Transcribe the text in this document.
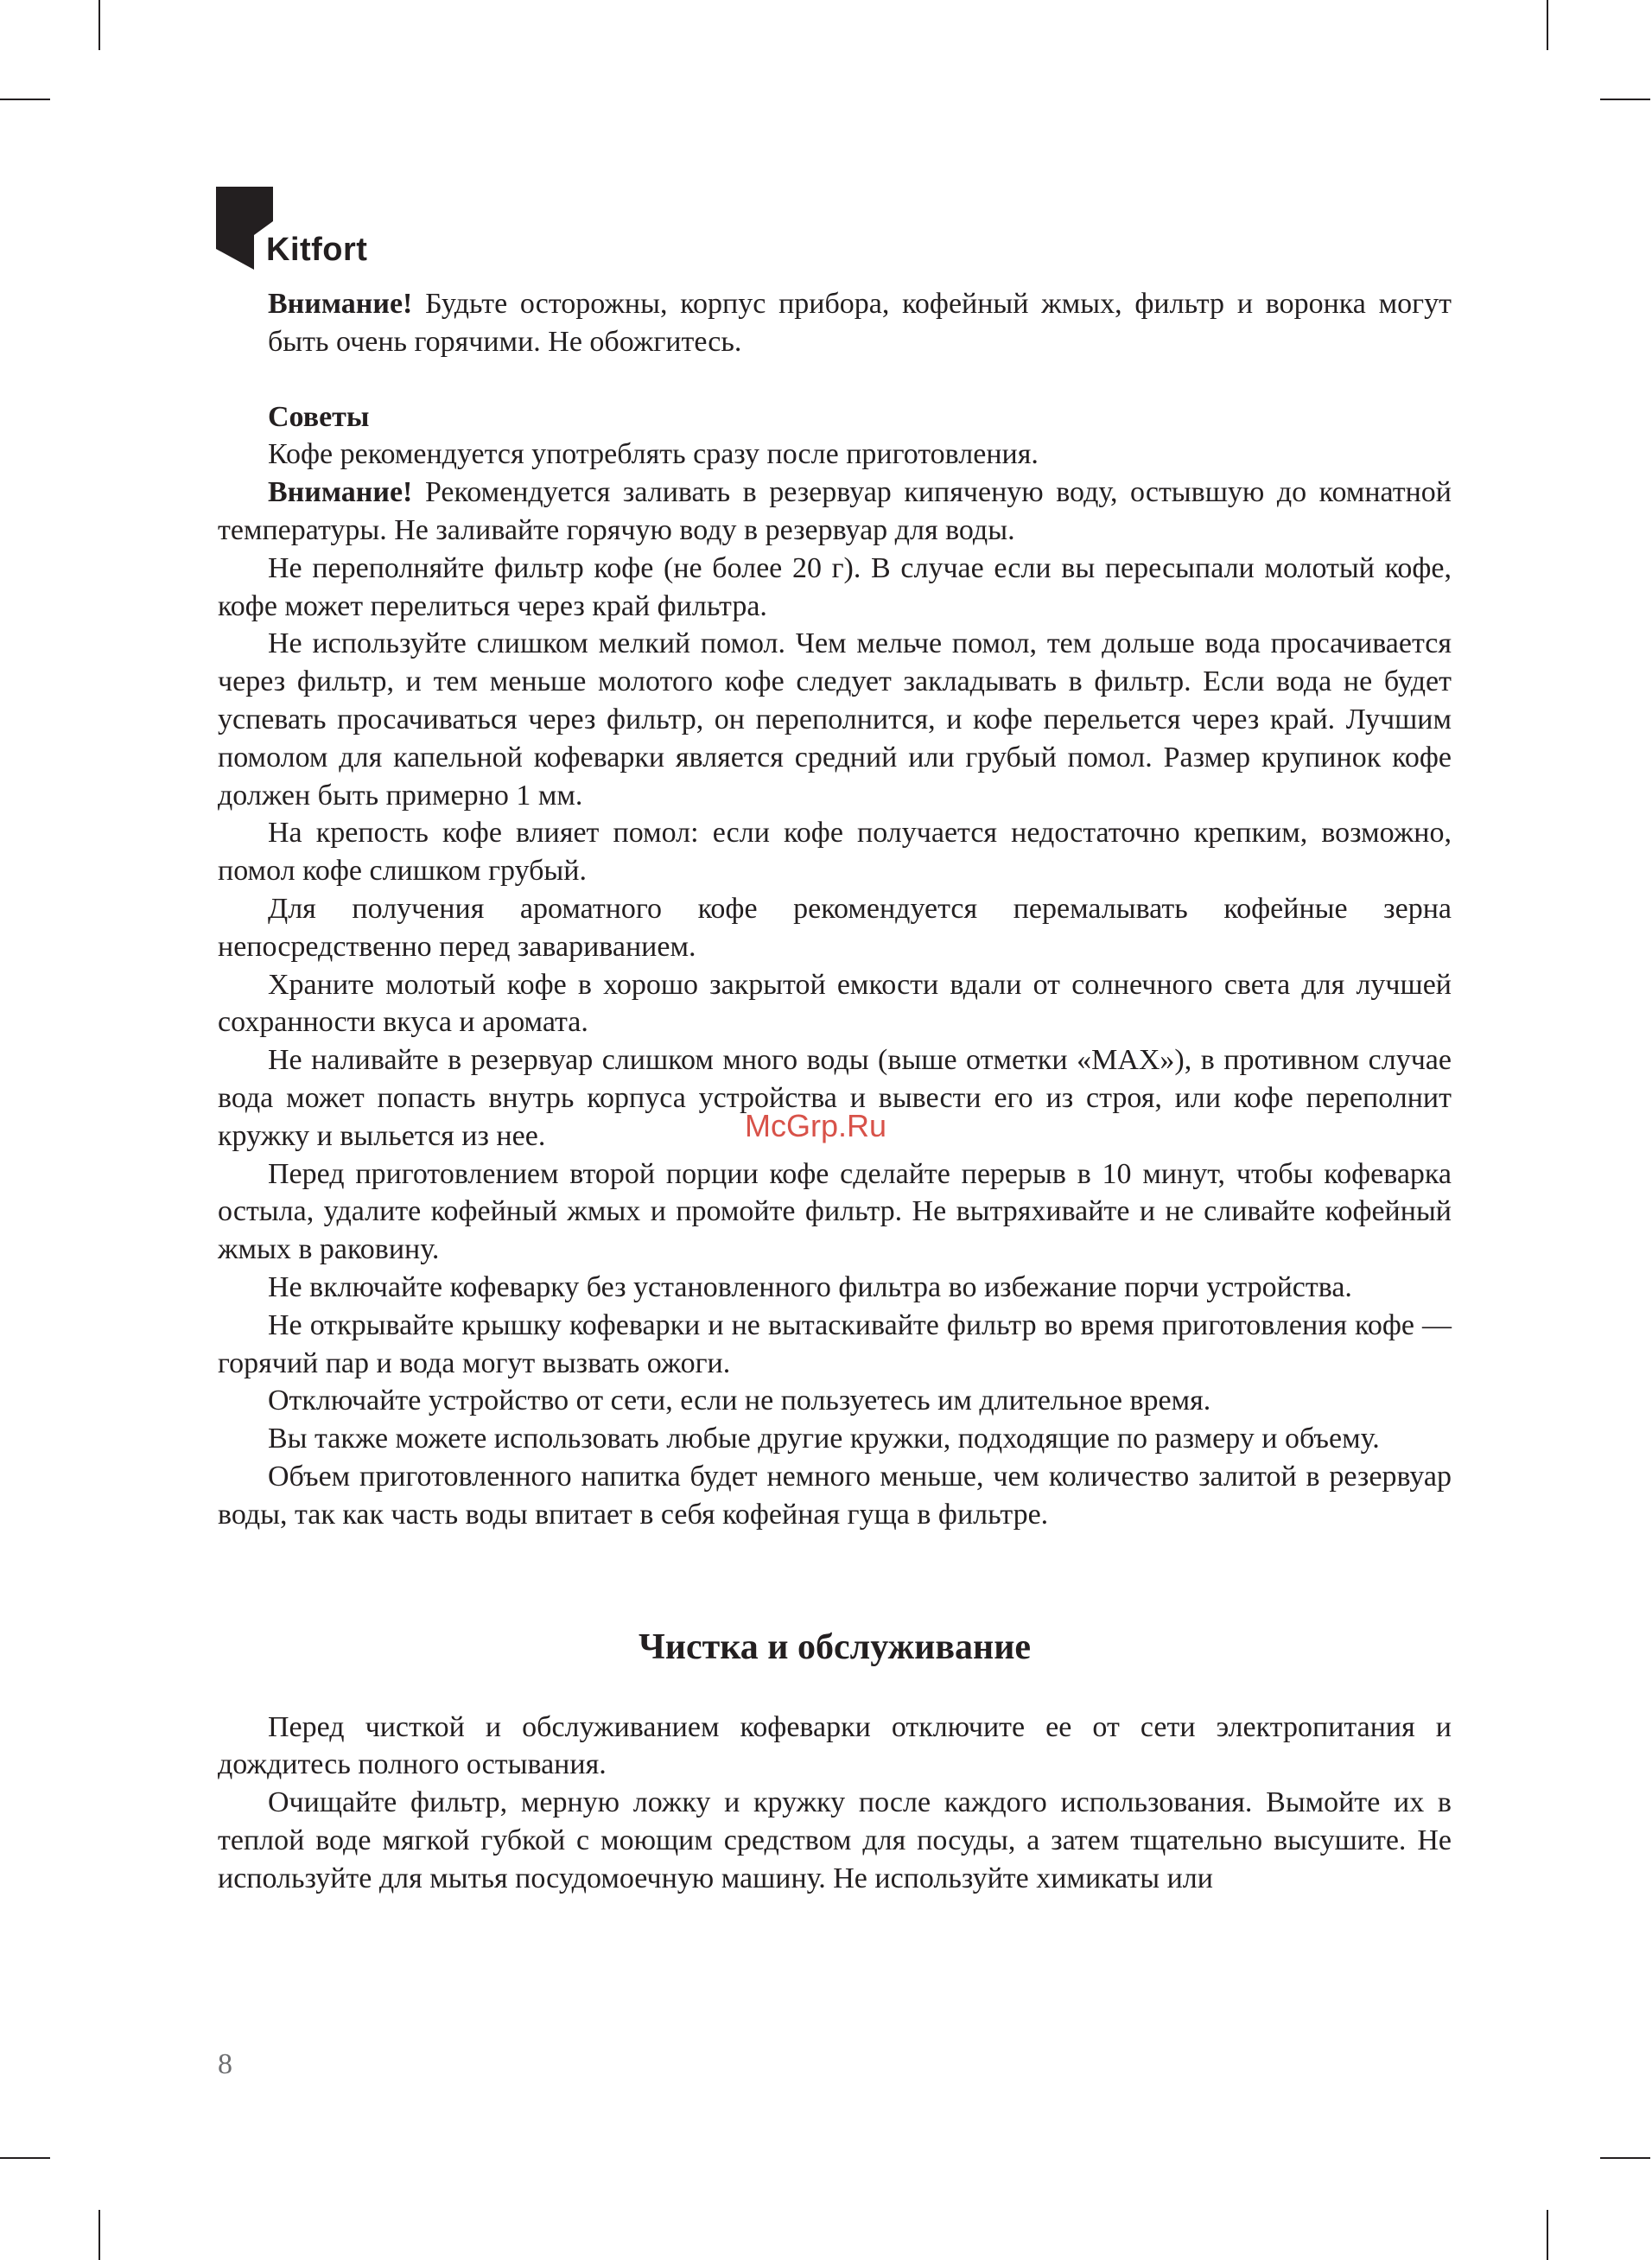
Kitfort

Внимание! Будьте осторожны, корпус прибора, кофейный жмых, фильтр и воронка могут быть очень горячими. Не обожгитесь.

Советы

Кофе рекомендуется употреблять сразу после приготовления.

Внимание! Рекомендуется заливать в резервуар кипяченую воду, остывшую до комнатной температуры. Не заливайте горячую воду в резервуар для воды.

Не переполняйте фильтр кофе (не более 20 г). В случае если вы пересыпали молотый кофе, кофе может перелиться через край фильтра.

Не используйте слишком мелкий помол. Чем мельче помол, тем дольше вода просачивается через фильтр, и тем меньше молотого кофе следует закладывать в фильтр. Если вода не будет успевать просачиваться через фильтр, он переполнится, и кофе перельется через край. Лучшим помолом для капельной кофеварки является средний или грубый помол. Размер крупинок кофе должен быть примерно 1 мм.

На крепость кофе влияет помол: если кофе получается недостаточно крепким, возможно, помол кофе слишком грубый.

Для получения ароматного кофе рекомендуется перемалывать кофейные зерна непосредственно перед завариванием.

Храните молотый кофе в хорошо закрытой емкости вдали от солнечного света для лучшей сохранности вкуса и аромата.

Не наливайте в резервуар слишком много воды (выше отметки «MAX»), в противном случае вода может попасть внутрь корпуса устройства и вывести его из строя, или кофе переполнит кружку и выльется из нее.

Перед приготовлением второй порции кофе сделайте перерыв в 10 минут, чтобы кофеварка остыла, удалите кофейный жмых и промойте фильтр. Не вытряхивайте и не сливайте кофейный жмых в раковину.

Не включайте кофеварку без установленного фильтра во избежание порчи устройства.

Не открывайте крышку кофеварки и не вытаскивайте фильтр во время приготовления кофе — горячий пар и вода могут вызвать ожоги.

Отключайте устройство от сети, если не пользуетесь им длительное время.

Вы также можете использовать любые другие кружки, подходящие по размеру и объему.

Объем приготовленного напитка будет немного меньше, чем количество залитой в резервуар воды, так как часть воды впитает в себя кофейная гуща в фильтре.

Чистка и обслуживание

Перед чисткой и обслуживанием кофеварки отключите ее от сети электропитания и дождитесь полного остывания.

Очищайте фильтр, мерную ложку и кружку после каждого использования. Вымойте их в теплой воде мягкой губкой с моющим средством для посуды, а затем тщательно высушите. Не используйте для мытья посудомоечную машину. Не используйте химикаты или

McGrp.Ru
8
